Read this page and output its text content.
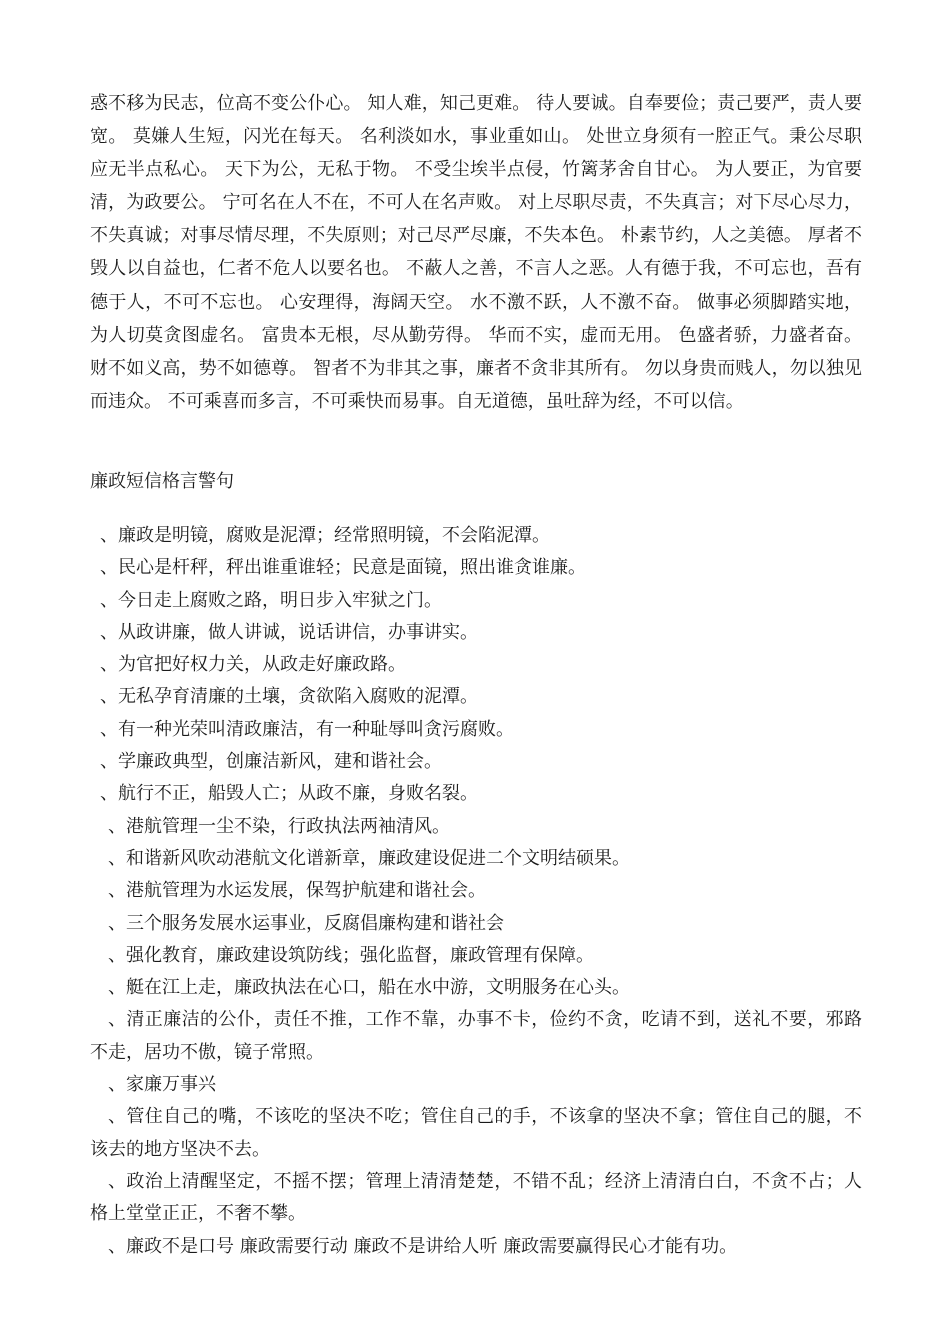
惑不移为民志，位高不变公仆心。 知人难，知己更难。 待人要诚。自奉要俭；责己要严，责人要宽。 莫嫌人生短，闪光在每天。 名利淡如水，事业重如山。 处世立身须有一腔正气。秉公尽职应无半点私心。 天下为公，无私于物。 不受尘埃半点侵，竹篱茅舍自甘心。 为人要正，为官要清，为政要公。 宁可名在人不在，不可人在名声败。 对上尽职尽责，不失真言；对下尽心尽力，不失真诚；对事尽情尽理，不失原则；对己尽严尽廉，不失本色。 朴素节约，人之美德。 厚者不毁人以自益也，仁者不危人以要名也。 不蔽人之善，不言人之恶。人有德于我，不可忘也，吾有德于人，不可不忘也。 心安理得，海阔天空。 水不激不跃，人不激不奋。 做事必须脚踏实地，为人切莫贪图虚名。 富贵本无根，尽从勤劳得。 华而不实，虚而无用。 色盛者骄，力盛者奋。 财不如义高，势不如德尊。 智者不为非其之事，廉者不贪非其所有。 勿以身贵而贱人，勿以独见而违众。 不可乘喜而多言，不可乘快而易事。自无道德，虽吐辞为经，不可以信。

廉政短信格言警句

、廉政是明镜，腐败是泥潭；经常照明镜，不会陷泥潭。
、民心是杆秤，秤出谁重谁轻；民意是面镜，照出谁贪谁廉。
、今日走上腐败之路，明日步入牢狱之门。
、从政讲廉，做人讲诚，说话讲信，办事讲实。
、为官把好权力关，从政走好廉政路。
、无私孕育清廉的土壤，贪欲陷入腐败的泥潭。
、有一种光荣叫清政廉洁，有一种耻辱叫贪污腐败。
、学廉政典型，创廉洁新风，建和谐社会。
、航行不正，船毁人亡；从政不廉，身败名裂。
、港航管理一尘不染，行政执法两袖清风。
、和谐新风吹动港航文化谱新章，廉政建设促进二个文明结硕果。
、港航管理为水运发展，保驾护航建和谐社会。
、三个服务发展水运事业，反腐倡廉构建和谐社会
、强化教育，廉政建设筑防线；强化监督，廉政管理有保障。
、艇在江上走，廉政执法在心口，船在水中游，文明服务在心头。
、清正廉洁的公仆，责任不推，工作不靠，办事不卡，俭约不贪，吃请不到，送礼不要，邪路不走，居功不傲，镜子常照。
、家廉万事兴
、管住自己的嘴，不该吃的坚决不吃；管住自己的手，不该拿的坚决不拿；管住自己的腿，不该去的地方坚决不去。
、政治上清醒坚定，不摇不摆；管理上清清楚楚，不错不乱；经济上清清白白，不贪不占；人格上堂堂正正，不奢不攀。
、廉政不是口号 廉政需要行动 廉政不是讲给人听 廉政需要赢得民心才能有功。
